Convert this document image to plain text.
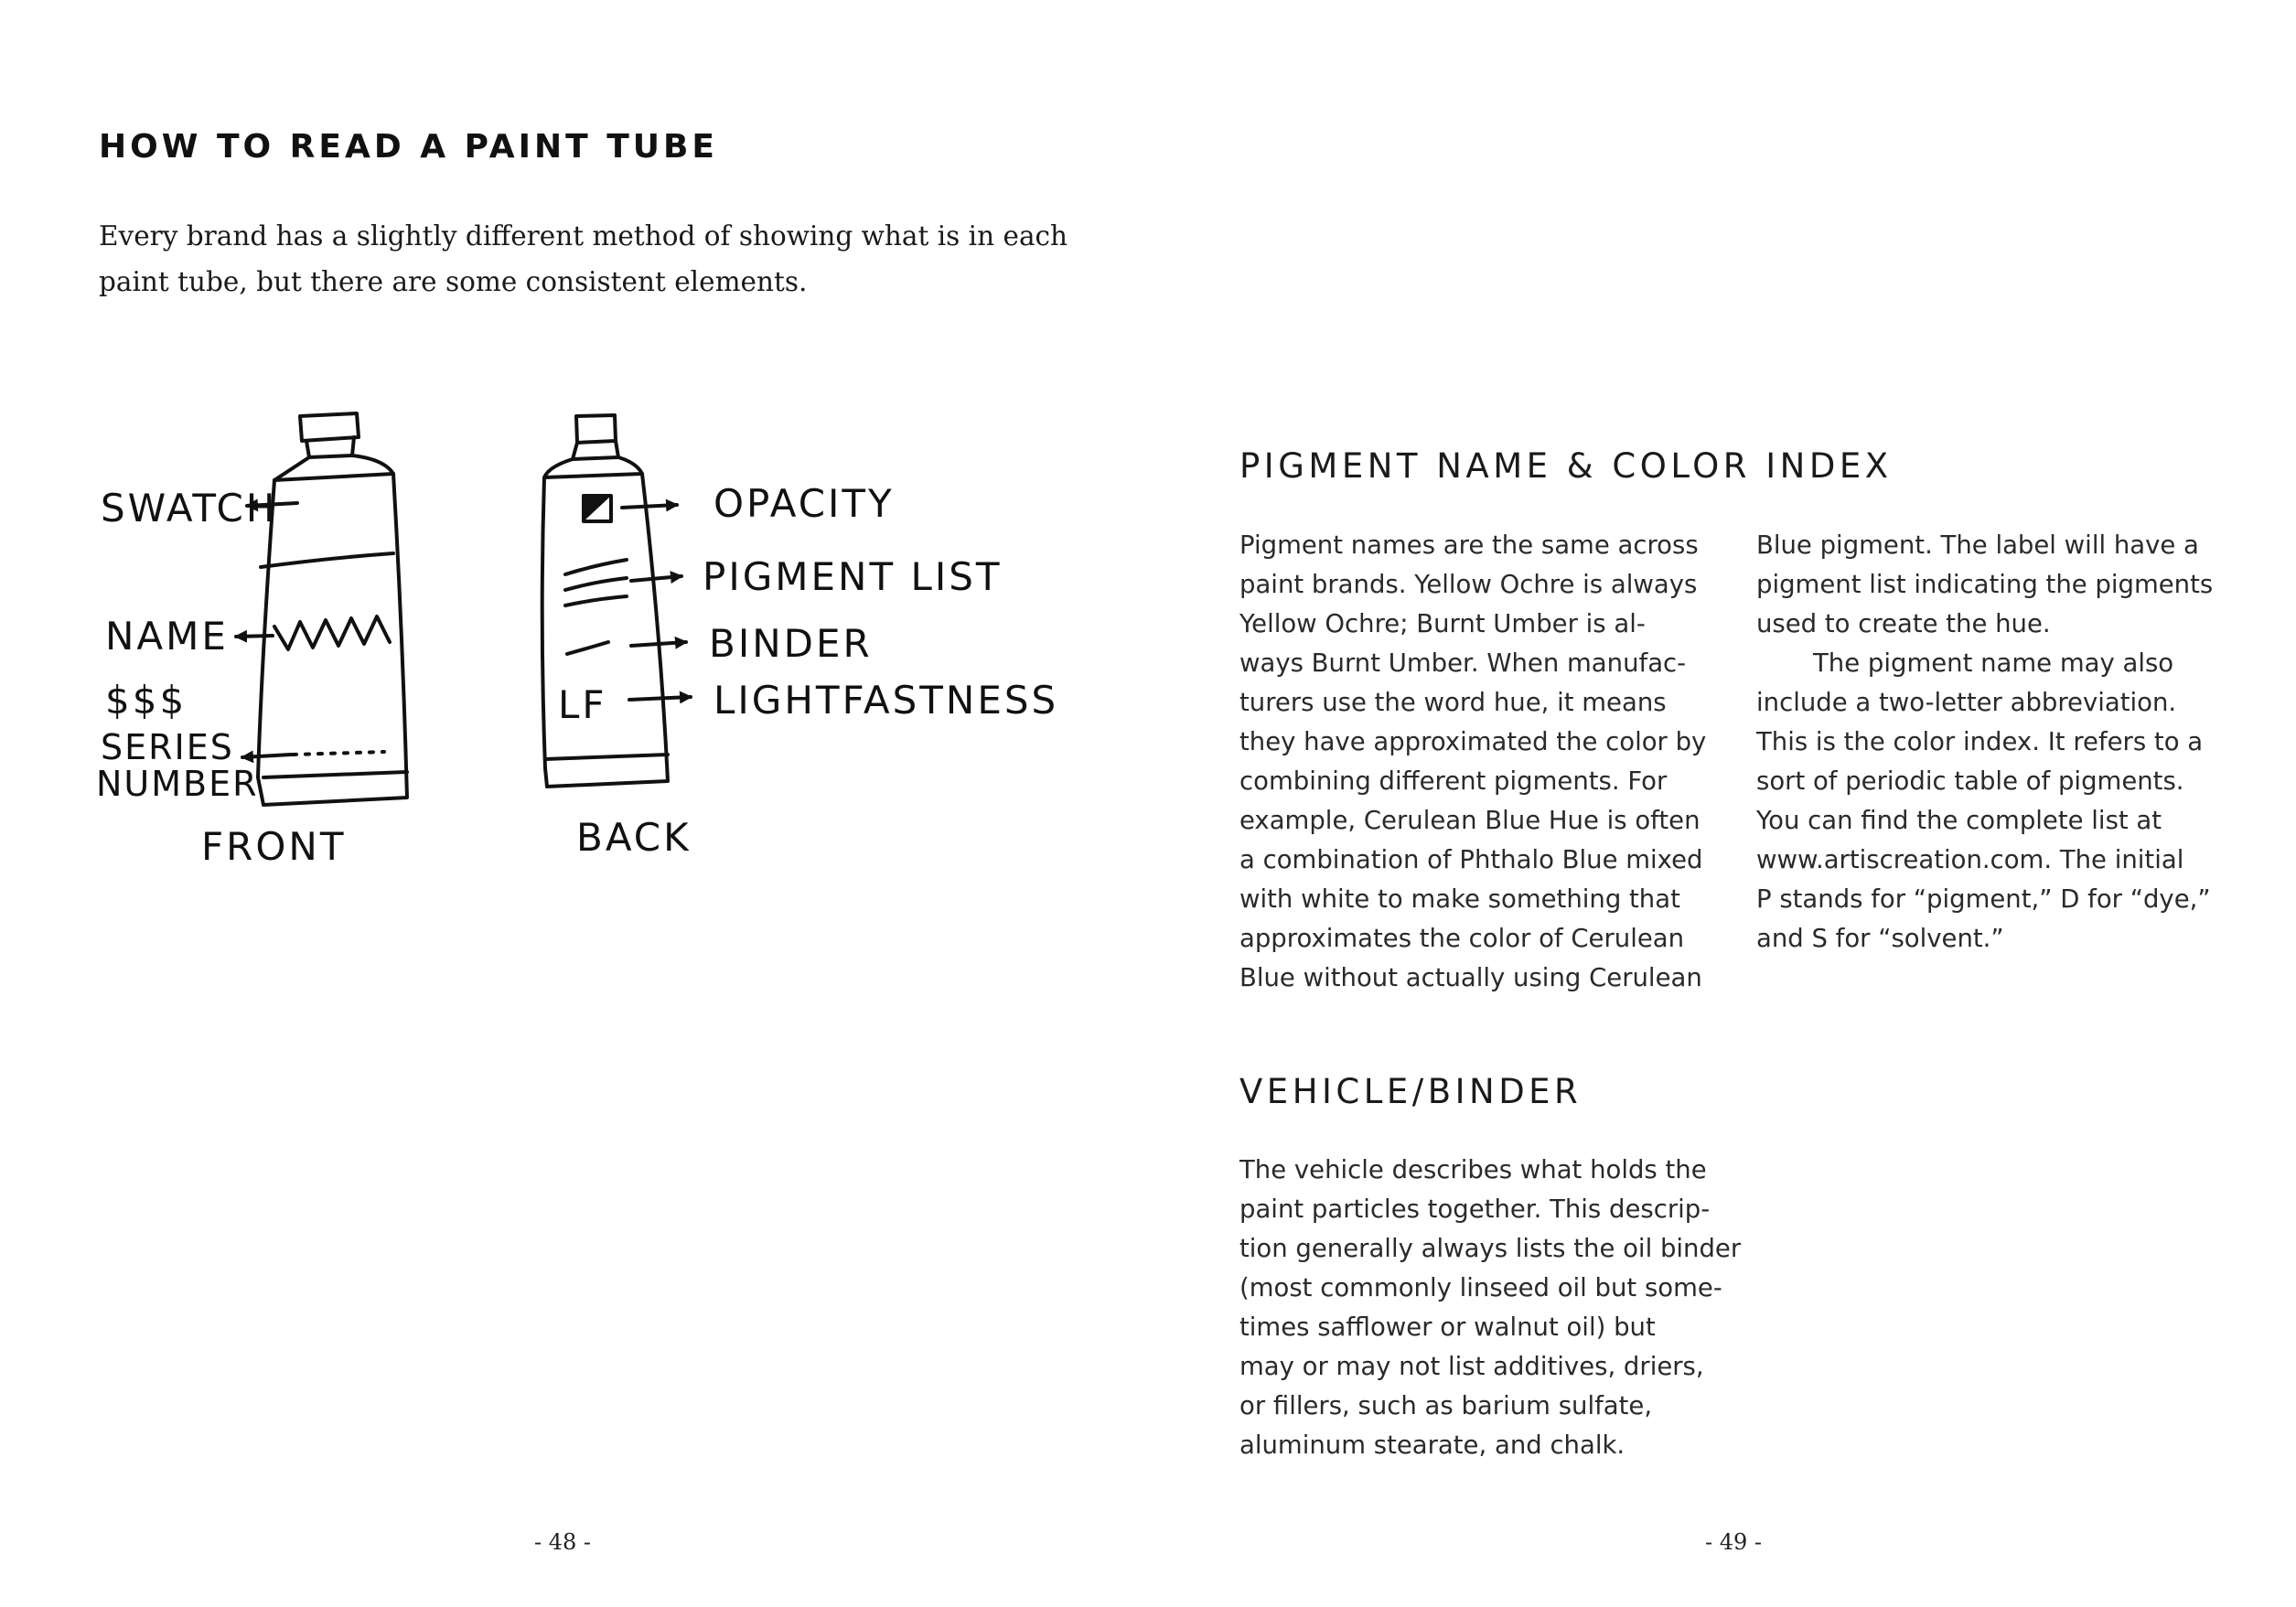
HOW TO READ A PAINT TUBE

Every brand has a slightly different method of showing what is in each paint tube, but there are some consistent elements.

SWATCH
NAME
$$$
SERIES
NUMBER
FRONT
LF
OPACITY
PIGMENT LIST
BINDER
LIGHTFASTNESS
BACK
- 48 -
PIGMENT NAME & COLOR INDEX

Pigment names are the same across

paint brands. Yellow Ochre is always

Yellow Ochre; Burnt Umber is al-

ways Burnt Umber. When manufac-

turers use the word hue, it means

they have approximated the color by

combining different pigments. For

example, Cerulean Blue Hue is often

a combination of Phthalo Blue mixed

with white to make something that

approximates the color of Cerulean

Blue without actually using Cerulean

Blue pigment. The label will have a

pigment list indicating the pigments

used to create the hue.

The pigment name may also

include a two-letter abbreviation.

This is the color index. It refers to a

sort of periodic table of pigments.

You can find the complete list at

www.artiscreation.com. The initial

P stands for “pigment,” D for “dye,”

and S for “solvent.”

VEHICLE/BINDER

The vehicle describes what holds the

paint particles together. This descrip-

tion generally always lists the oil binder

(most commonly linseed oil but some-

times safflower or walnut oil) but

may or may not list additives, driers,

or fillers, such as barium sulfate,

aluminum stearate, and chalk.

- 49 -
